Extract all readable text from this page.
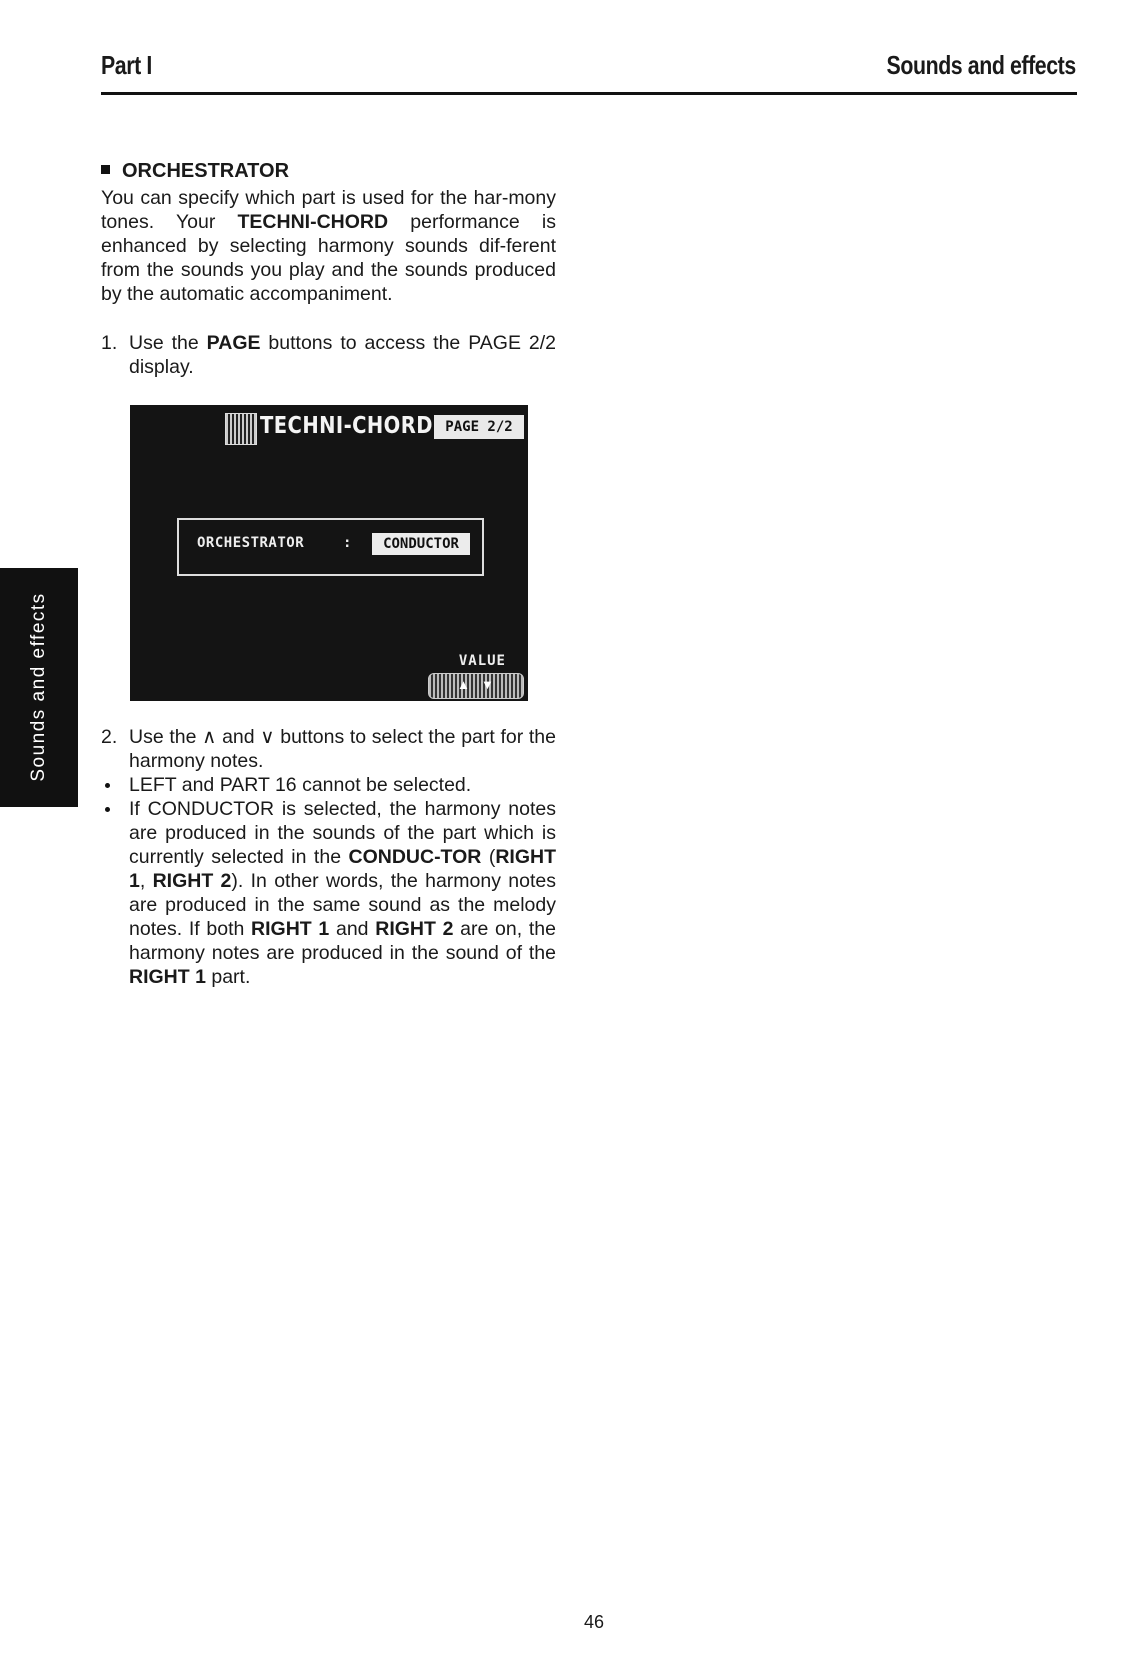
Part I	Sounds and effects
Sounds and effects
ORCHESTRATOR
You can specify which part is used for the har-mony tones. Your TECHNI-CHORD performance is enhanced by selecting harmony sounds dif-ferent from the sounds you play and the sounds produced by the automatic accompaniment.
1. Use the PAGE buttons to access the PAGE 2/2 display.
TECHNI-CHORD PAGE 2/2
ORCHESTRATOR	:	CONDUCTOR
VALUE
▲ ▼
2. Use the ∧ and ∨ buttons to select the part for the harmony notes.
LEFT and PART 16 cannot be selected.
If CONDUCTOR is selected, the harmony notes are produced in the sounds of the part which is currently selected in the CONDUC-TOR (RIGHT 1, RIGHT 2). In other words, the harmony notes are produced in the same sound as the melody notes. If both RIGHT 1 and RIGHT 2 are on, the harmony notes are produced in the sound of the RIGHT 1 part.
46
